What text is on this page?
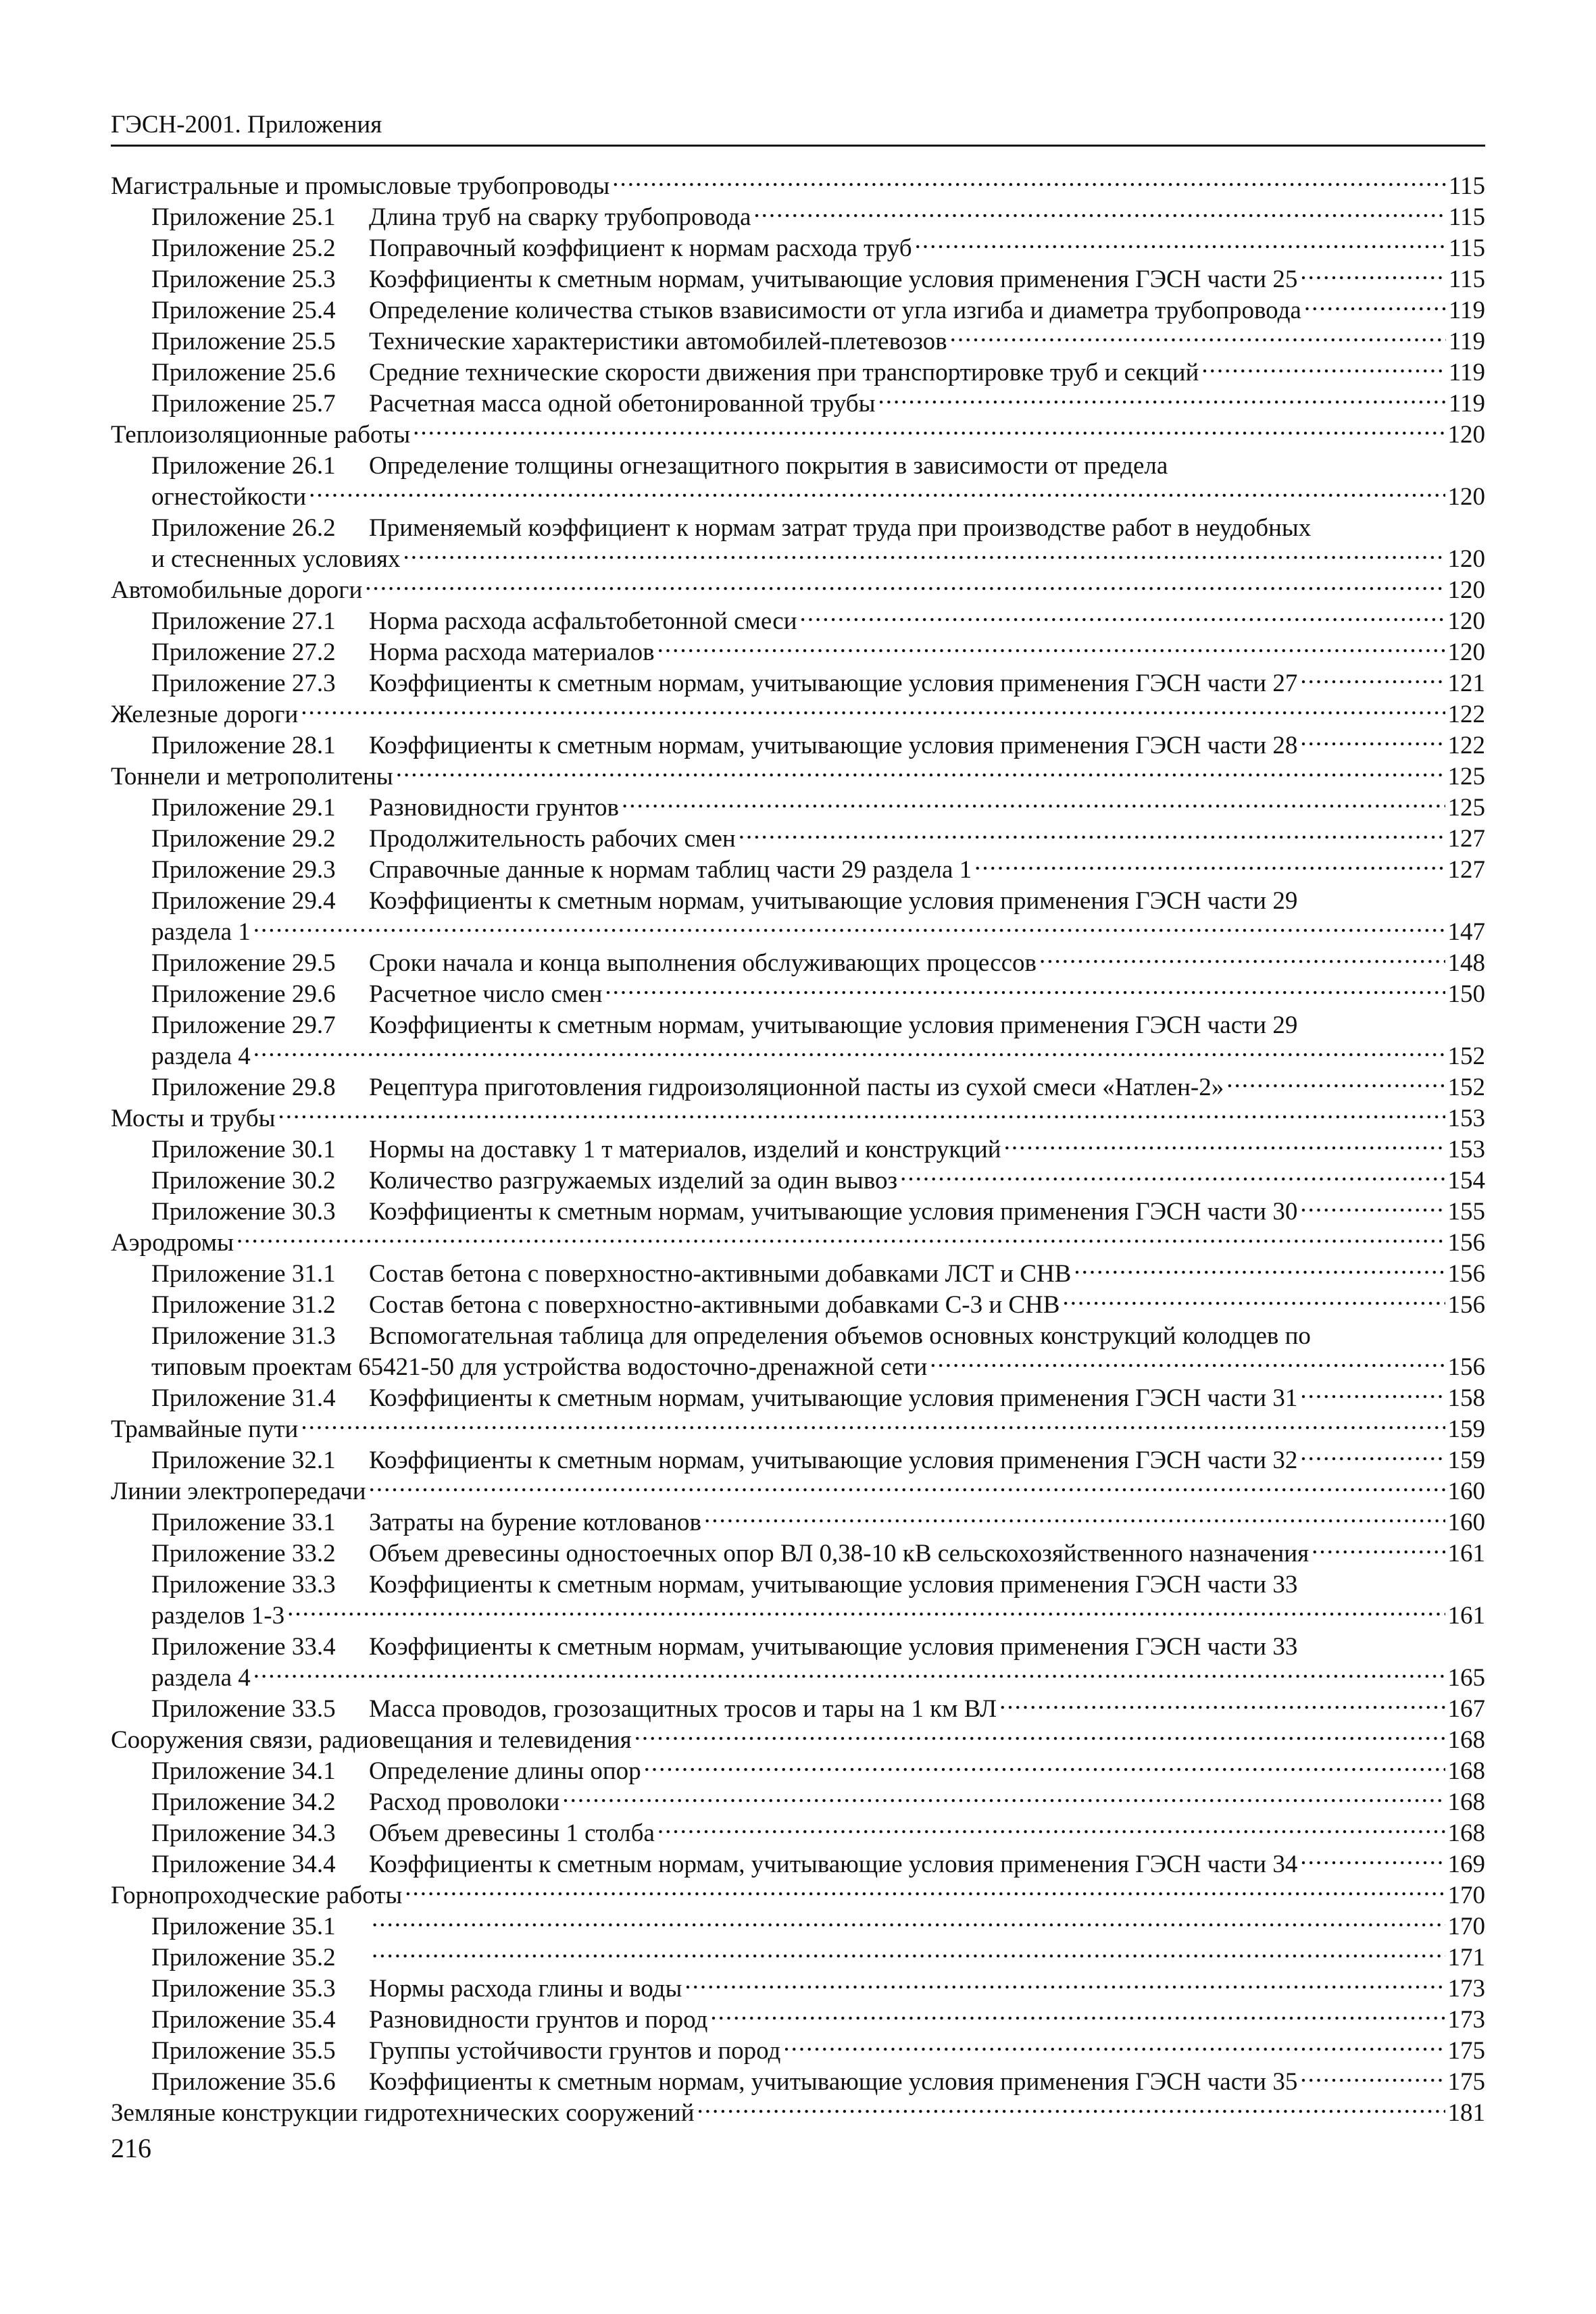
ГЭСН-2001. Приложения
Магистральные и промысловые трубопроводы .....	115
Приложение 25.1 Длина труб на сварку трубопровода .....	115
Приложение 25.2 Поправочный коэффициент к нормам расхода труб .....	115
Приложение 25.3 Коэффициенты к сметным нормам, учитывающие условия применения ГЭСН части 25 .....	115
Приложение 25.4 Определение количества стыков взависимости от угла изгиба и диаметра трубопровода .....	119
Приложение 25.5 Технические характеристики автомобилей-плетевозов .....	119
Приложение 25.6 Средние технические скорости движения при транспортировке труб и секций .....	119
Приложение 25.7 Расчетная масса одной обетонированной трубы .....	119
Теплоизоляционные работы .....	120
Приложение 26.1 Определение толщины огнезащитного покрытия в зависимости от предела
огнестойкости .....	120
Приложение 26.2 Применяемый коэффициент к нормам затрат труда при производстве работ в неудобных
и стесненных условиях .....	120
Автомобильные дороги .....	120
Приложение 27.1 Норма расхода асфальтобетонной смеси .....	120
Приложение 27.2 Норма расхода материалов .....	120
Приложение 27.3 Коэффициенты к сметным нормам, учитывающие условия применения ГЭСН части 27 .....	121
Железные дороги .....	122
Приложение 28.1 Коэффициенты к сметным нормам, учитывающие условия применения ГЭСН части 28 .....	122
Тоннели и метрополитены .....	125
Приложение 29.1 Разновидности грунтов .....	125
Приложение 29.2 Продолжительность рабочих смен .....	127
Приложение 29.3 Справочные данные к нормам таблиц части 29 раздела 1 .....	127
Приложение 29.4 Коэффициенты к сметным нормам, учитывающие условия применения ГЭСН части 29
раздела 1 .....	147
Приложение 29.5 Сроки начала и конца выполнения обслуживающих процессов .....	148
Приложение 29.6 Расчетное число смен .....	150
Приложение 29.7 Коэффициенты к сметным нормам, учитывающие условия применения ГЭСН части 29
раздела 4 .....	152
Приложение 29.8 Рецептура приготовления гидроизоляционной пасты из сухой смеси «Натлен-2» .....	152
Мосты и трубы .....	153
Приложение 30.1 Нормы на доставку 1 т материалов, изделий и конструкций .....	153
Приложение 30.2 Количество разгружаемых изделий за один вывоз .....	154
Приложение 30.3 Коэффициенты к сметным нормам, учитывающие условия применения ГЭСН части 30 .....	155
Аэродромы .....	156
Приложение 31.1 Состав бетона с поверхностно-активными добавками ЛСТ и СНВ .....	156
Приложение 31.2 Состав бетона с поверхностно-активными добавками С-3 и СНВ .....	156
Приложение 31.3 Вспомогательная таблица для определения объемов основных конструкций колодцев по
типовым проектам 65421-50 для устройства водосточно-дренажной сети .....	156
Приложение 31.4 Коэффициенты к сметным нормам, учитывающие условия применения ГЭСН части 31 .....	158
Трамвайные пути .....	159
Приложение 32.1 Коэффициенты к сметным нормам, учитывающие условия применения ГЭСН части 32 .....	159
Линии электропередачи .....	160
Приложение 33.1 Затраты на бурение котлованов .....	160
Приложение 33.2 Объем древесины одностоечных опор ВЛ 0,38-10 кВ сельскохозяйственного назначения .....	161
Приложение 33.3 Коэффициенты к сметным нормам, учитывающие условия применения ГЭСН части 33
разделов 1-3 .....	161
Приложение 33.4 Коэффициенты к сметным нормам, учитывающие условия применения ГЭСН части 33
раздела 4 .....	165
Приложение 33.5 Масса проводов, грозозащитных тросов и тары на 1 км ВЛ .....	167
Сооружения связи, радиовещания и телевидения .....	168
Приложение 34.1 Определение длины опор .....	168
Приложение 34.2 Расход проволоки .....	168
Приложение 34.3 Объем древесины 1 столба .....	168
Приложение 34.4 Коэффициенты к сметным нормам, учитывающие условия применения ГЭСН части 34 .....	169
Горнопроходческие работы .....	170
Приложение 35.1 .....	170
Приложение 35.2 .....	171
Приложение 35.3 Нормы расхода глины и воды .....	173
Приложение 35.4 Разновидности грунтов и пород .....	173
Приложение 35.5 Группы устойчивости грунтов и пород .....	175
Приложение 35.6 Коэффициенты к сметным нормам, учитывающие условия применения ГЭСН части 35 .....	175
Земляные конструкции гидротехнических сооружений .....	181
216
